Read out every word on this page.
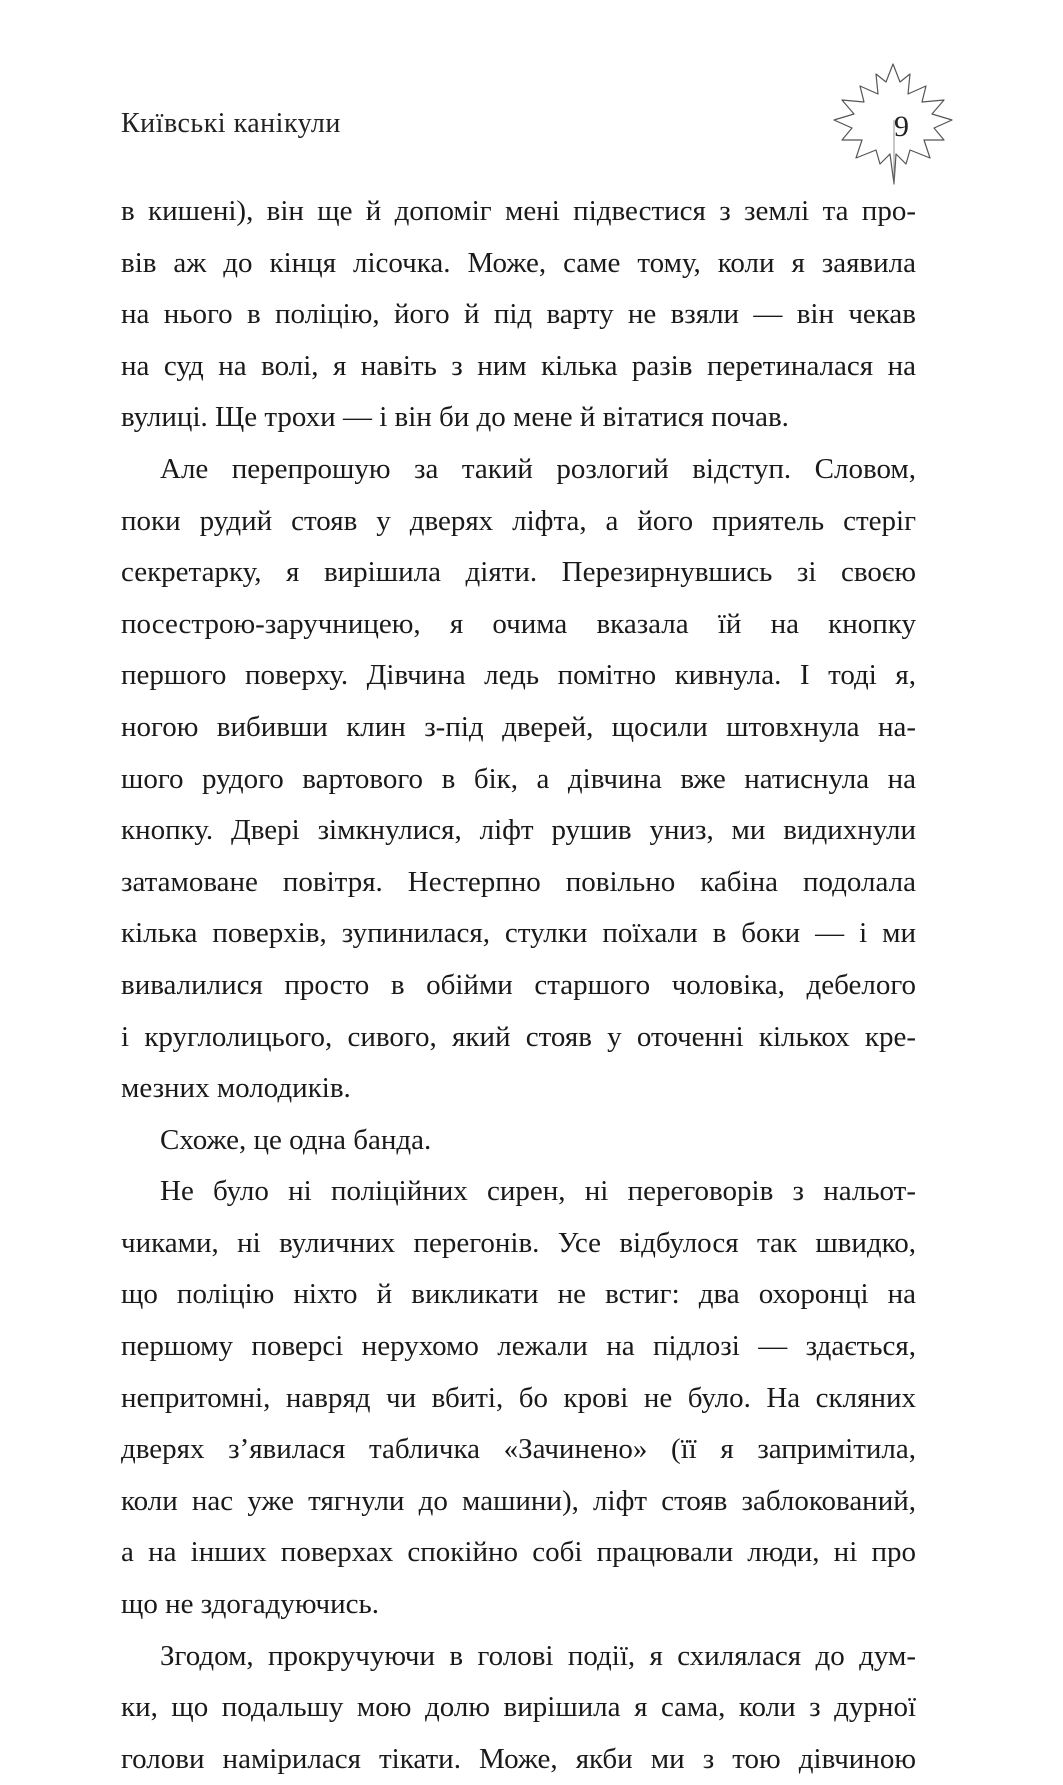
Київські канікули	9
в кишені), він ще й допоміг мені підвестися з землі та про-
вів аж до кінця лісочка. Може, саме тому, коли я заявила
на нього в поліцію, його й під варту не взяли — він чекав
на суд на волі, я навіть з ним кілька разів перетиналася на
вулиці. Ще трохи — і він би до мене й вітатися почав.
Але перепрошую за такий розлогий відступ. Словом,
поки рудий стояв у дверях ліфта, а його приятель стеріг
секретарку, я вирішила діяти. Перезирнувшись зі своєю
посестрою-заручницею, я очима вказала їй на кнопку
першого поверху. Дівчина ледь помітно кивнула. І тоді я,
ногою вибивши клин з-під дверей, щосили штовхнула на-
шого рудого вартового в бік, а дівчина вже натиснула на
кнопку. Двері зімкнулися, ліфт рушив униз, ми видихнули
затамоване повітря. Нестерпно повільно кабіна подолала
кілька поверхів, зупинилася, стулки поїхали в боки — і ми
вивалилися просто в обійми старшого чоловіка, дебелого
і круглолицього, сивого, який стояв у оточенні кількох кре-
мезних молодиків.
Схоже, це одна банда.
Не було ні поліційних сирен, ні переговорів з нальот-
чиками, ні вуличних перегонів. Усе відбулося так швидко,
що поліцію ніхто й викликати не встиг: два охоронці на
першому поверсі нерухомо лежали на підлозі — здається,
непритомні, навряд чи вбиті, бо крові не було. На скляних
дверях з’явилася табличка «Зачинено» (її я запримітила,
коли нас уже тягнули до машини), ліфт стояв заблокований,
а на інших поверхах спокійно собі працювали люди, ні про
що не здогадуючись.
Згодом, прокручуючи в голові події, я схилялася до дум-
ки, що подальшу мою долю вирішила я сама, коли з дурної
голови намірилася тікати. Може, якби ми з тою дівчиною
